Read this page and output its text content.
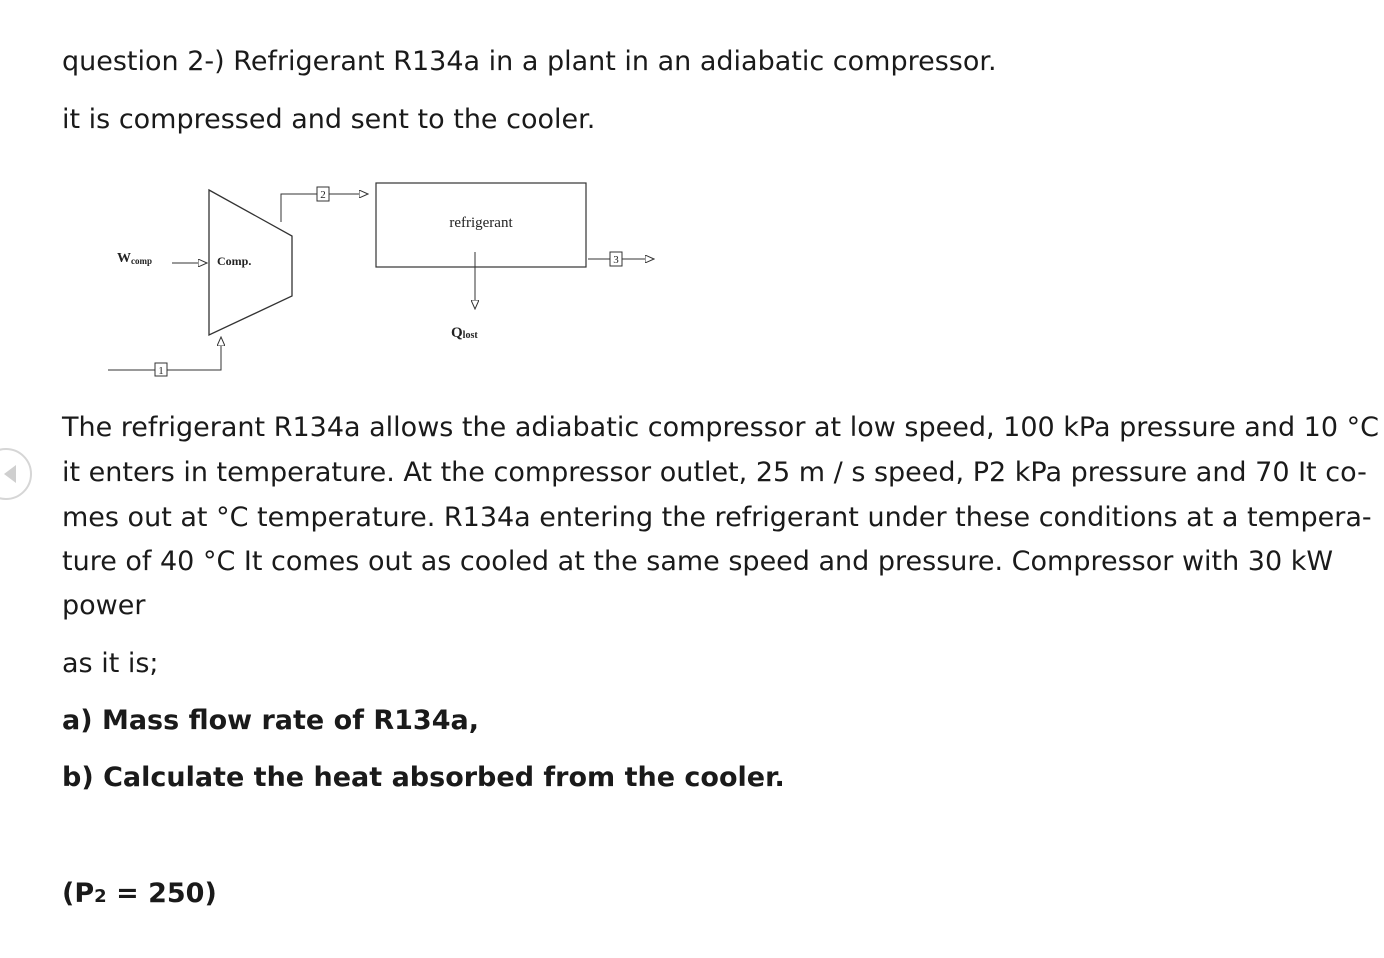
question 2-) Refrigerant R134a in a plant in an adiabatic compressor.
it is compressed and sent to the cooler.
Wcomp	Comp.
1
2
refrigerant
Qlost
3
The refrigerant R134a allows the adiabatic compressor at low speed, 100 kPa pressure and 10 °C
it enters in temperature. At the compressor outlet, 25 m / s speed, P2 kPa pressure and 70 It co-
mes out at °C temperature. R134a entering the refrigerant under these conditions at a tempera-
ture of 40 °C It comes out as cooled at the same speed and pressure. Compressor with 30 kW
power
as it is;
a) Mass flow rate of R134a,
b) Calculate the heat absorbed from the cooler.
(P2 = 250)
